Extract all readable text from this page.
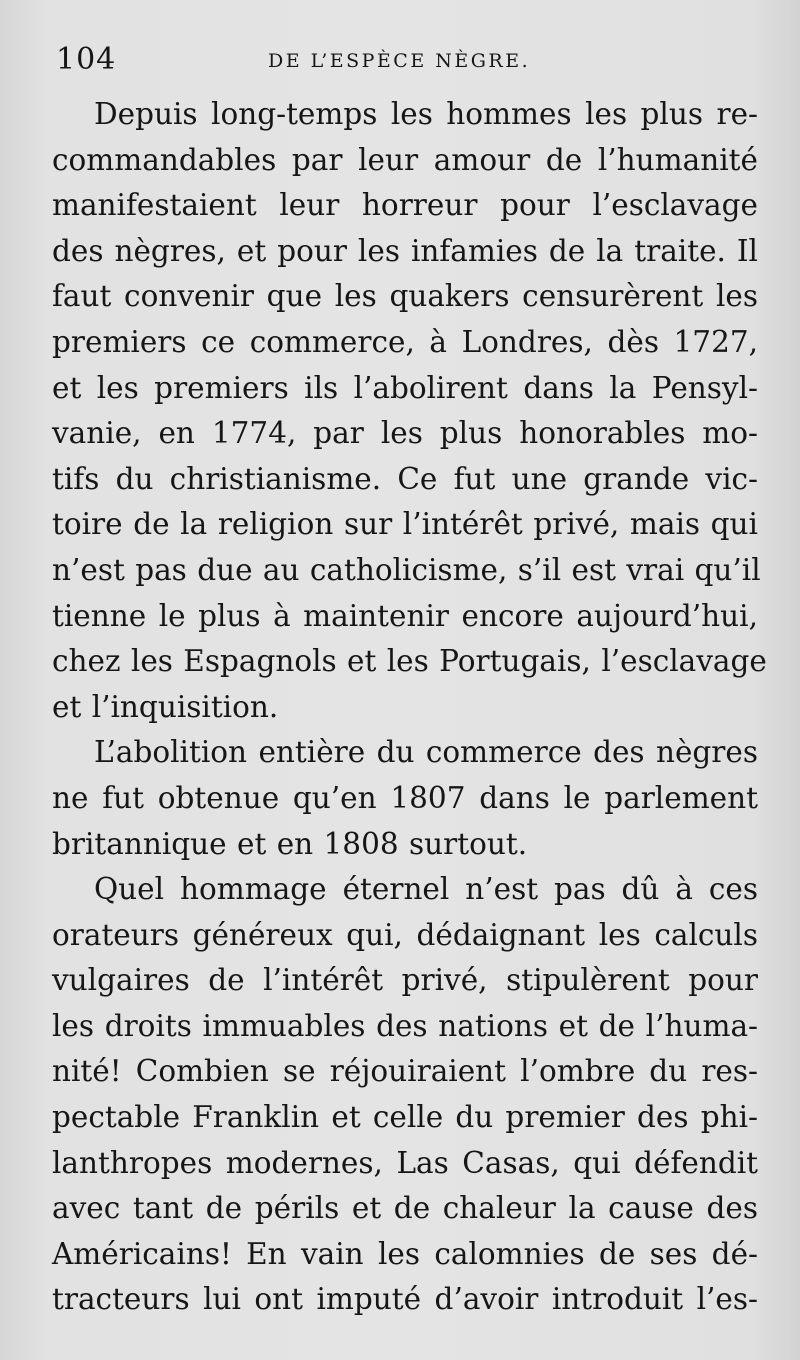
104	DE L’ESPÈCE NÈGRE.
Depuis long-temps les hommes les plus re-
commandables par leur amour de l’humanité
manifestaient leur horreur pour l’esclavage
des nègres, et pour les infamies de la traite. Il
faut convenir que les quakers censurèrent les
premiers ce commerce, à Londres, dès 1727,
et les premiers ils l’abolirent dans la Pensyl-
vanie, en 1774, par les plus honorables mo-
tifs du christianisme. Ce fut une grande vic-
toire de la religion sur l’intérêt privé, mais qui
n’est pas due au catholicisme, s’il est vrai qu’il
tienne le plus à maintenir encore aujourd’hui,
chez les Espagnols et les Portugais, l’esclavage
et l’inquisition.
L’abolition entière du commerce des nègres
ne fut obtenue qu’en 1807 dans le parlement
britannique et en 1808 surtout.
Quel hommage éternel n’est pas dû à ces
orateurs généreux qui, dédaignant les calculs
vulgaires de l’intérêt privé, stipulèrent pour
les droits immuables des nations et de l’huma-
nité! Combien se réjouiraient l’ombre du res-
pectable Franklin et celle du premier des phi-
lanthropes modernes, Las Casas, qui défendit
avec tant de périls et de chaleur la cause des
Américains! En vain les calomnies de ses dé-
tracteurs lui ont imputé d’avoir introduit l’es-
